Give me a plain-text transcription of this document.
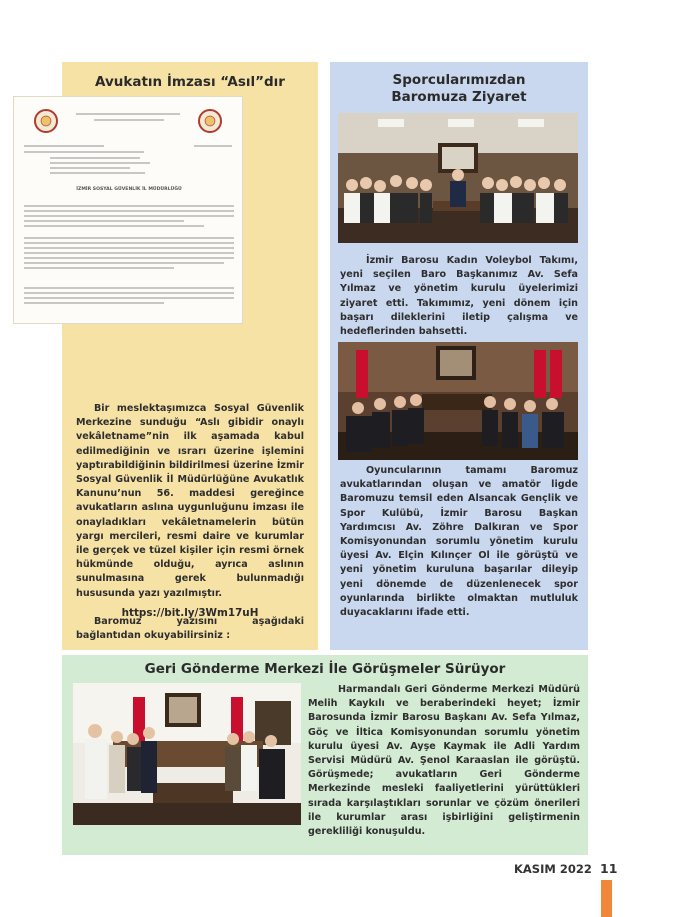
Avukatın İmzası “Asıl”dır

Bir meslektaşımızca Sosyal Güvenlik Merkezine sunduğu “Aslı gibidir onaylı vekâletname”nin ilk aşamada kabul edilmediğinin ve ısrarı üzerine işlemini yaptırabildiğinin bildirilmesi üzerine İzmir Sosyal Güvenlik İl Müdürlüğüne Avukatlık Kanunu’nun 56. maddesi gereğince avukatların aslına uygunluğunu imzası ile onayladıkları vekâletnamelerin bütün yargı mercileri, resmi daire ve kurumlar ile gerçek ve tüzel kişiler için resmi örnek hükmünde olduğu, ayrıca aslının sunulmasına gerek bulunmadığı hususunda yazı yazılmıştır.

Baromuz yazısını aşağıdaki bağlantıdan okuyabilirsiniz :

https://bit.ly/3Wm17uH
İZMİR SOSYAL GÜVENLİK İL MÜDÜRLÜĞÜ
Sporcularımızdan Baromuza Ziyaret

İzmir Barosu Kadın Voleybol Takımı, yeni seçilen Baro Başkanımız Av. Sefa Yılmaz ve yönetim kurulu üyelerimizi ziyaret etti. Takımımız, yeni dönem için başarı dileklerini iletip çalışma ve hedeflerinden bahsetti.

Oyuncularının tamamı Baromuz avukatlarından oluşan ve amatör ligde Baromuzu temsil eden Alsancak Gençlik ve Spor Kulübü, İzmir Barosu Başkan Yardımcısı Av. Zöhre Dalkıran ve Spor Komisyonundan sorumlu yönetim kurulu üyesi Av. Elçin Kılınçer Ol ile görüştü ve yeni yönetim kuruluna başarılar dileyip yeni dönemde de düzenlenecek spor oyunlarında birlikte olmaktan mutluluk duyacaklarını ifade etti.

Geri Gönderme Merkezi İle Görüşmeler Sürüyor

Harmandalı Geri Gönderme Merkezi Müdürü Melih Kaykılı ve beraberindeki heyet; İzmir Barosunda İzmir Barosu Başkanı Av. Sefa Yılmaz, Göç ve İltica Komisyonundan sorumlu yönetim kurulu üyesi Av. Ayşe Kaymak ile Adli Yardım Servisi Müdürü Av. Şenol Karaaslan ile görüştü. Görüşmede; avukatların Geri Gönderme Merkezinde mesleki faaliyetlerini yürüttükleri sırada karşılaştıkları sorunlar ve çözüm önerileri ile kurumlar arası işbirliğini geliştirmenin gerekliliği konuşuldu.

KASIM 2022 11
